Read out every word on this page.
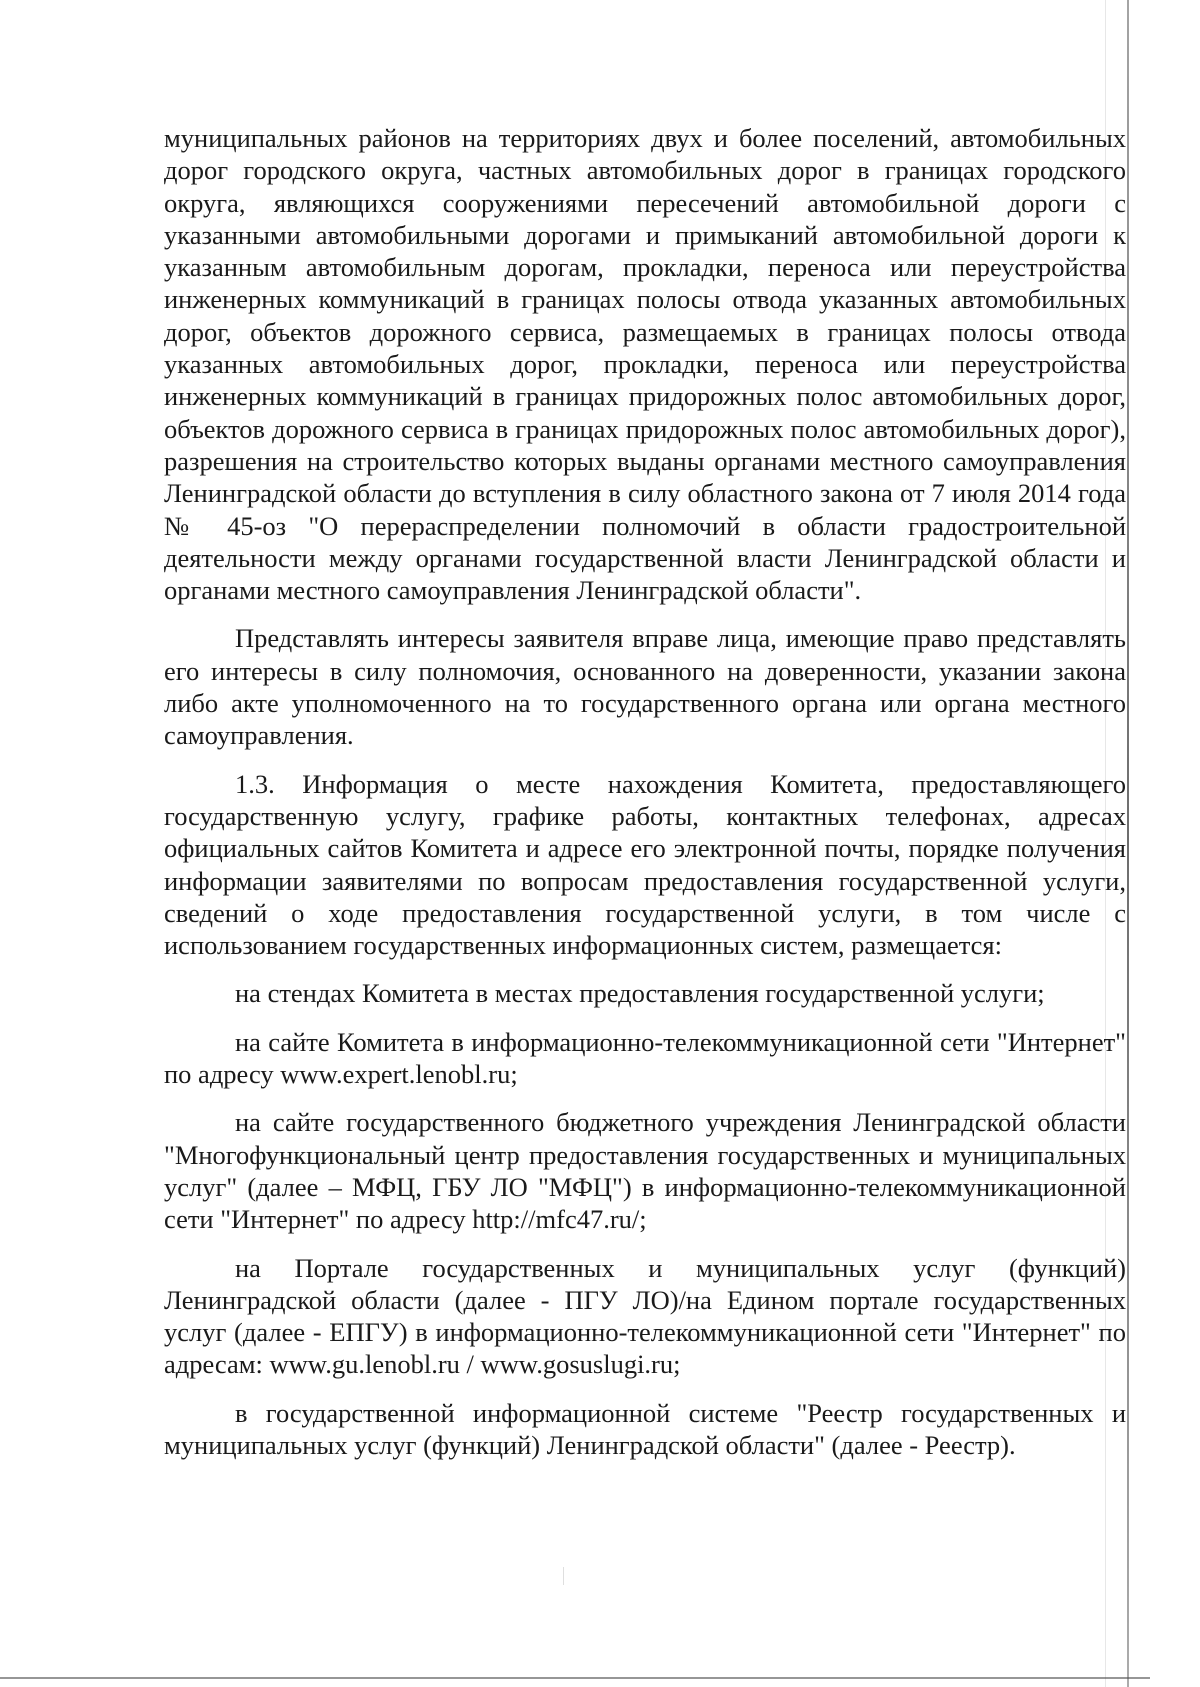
муниципальных районов на территориях двух и более поселений, автомобильных дорог городского округа, частных автомобильных дорог в границах городского округа, являющихся сооружениями пересечений автомобильной дороги с указанными автомобильными дорогами и примыканий автомобильной дороги к указанным автомобильным дорогам, прокладки, переноса или переустройства инженерных коммуникаций в границах полосы отвода указанных автомобильных дорог, объектов дорожного сервиса, размещаемых в границах полосы отвода указанных автомобильных дорог, прокладки, переноса или переустройства инженерных коммуникаций в границах придорожных полос автомобильных дорог, объектов дорожного сервиса в границах придорожных полос автомобильных дорог), разрешения на строительство которых выданы органами местного самоуправления Ленинградской области до вступления в силу областного закона от 7 июля 2014 года № 45-оз "О перераспределении полномочий в области градостроительной деятельности между органами государственной власти Ленинградской области и органами местного самоуправления Ленинградской области".

Представлять интересы заявителя вправе лица, имеющие право представлять его интересы в силу полномочия, основанного на доверенности, указании закона либо акте уполномоченного на то государственного органа или органа местного самоуправления.

1.3. Информация о месте нахождения Комитета, предоставляющего государственную услугу, графике работы, контактных телефонах, адресах официальных сайтов Комитета и адресе его электронной почты, порядке получения информации заявителями по вопросам предоставления государственной услуги, сведений о ходе предоставления государственной услуги, в том числе с использованием государственных информационных систем, размещается:

на стендах Комитета в местах предоставления государственной услуги;

на сайте Комитета в информационно-телекоммуникационной сети "Интернет" по адресу www.expert.lenobl.ru;

на сайте государственного бюджетного учреждения Ленинградской области "Многофункциональный центр предоставления государственных и муниципальных услуг" (далее – МФЦ, ГБУ ЛО "МФЦ") в информационно-телекоммуникационной сети "Интернет" по адресу http://mfc47.ru/;

на Портале государственных и муниципальных услуг (функций) Ленинградской области (далее - ПГУ ЛО)/на Едином портале государственных услуг (далее - ЕПГУ) в информационно-телекоммуникационной сети "Интернет" по адресам: www.gu.lenobl.ru / www.gosuslugi.ru;

в государственной информационной системе "Реестр государственных и муниципальных услуг (функций) Ленинградской области" (далее - Реестр).
